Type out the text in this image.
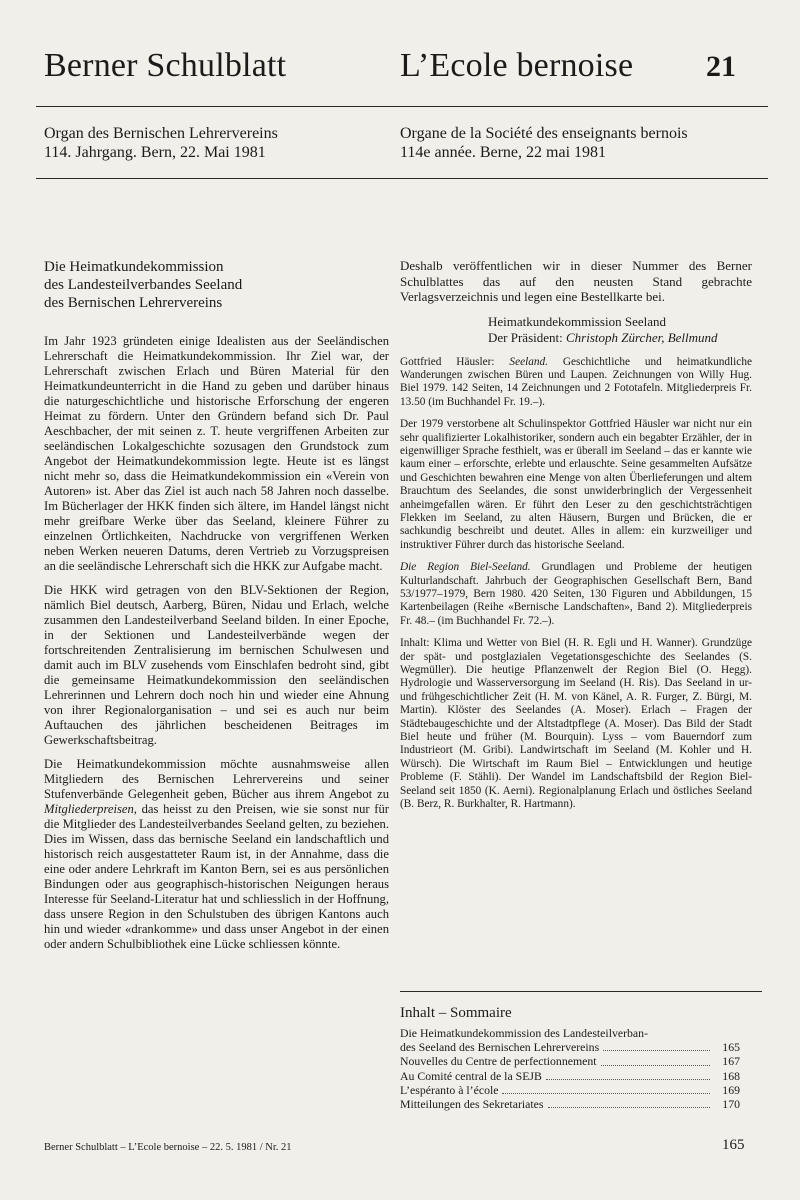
Berner Schulblatt	L’Ecole bernoise 21
Organ des Bernischen Lehrervereins
114. Jahrgang. Bern, 22. Mai 1981
Organe de la Société des enseignants bernois
114e année. Berne, 22 mai 1981
Die Heimatkundekommission
des Landesteilverbandes Seeland
des Bernischen Lehrervereins

Im Jahr 1923 gründeten einige Idealisten aus der Seeländischen Lehrerschaft die Heimatkundekommission. Ihr Ziel war, der Lehrerschaft zwischen Erlach und Büren Material für den Heimatkundeunterricht in die Hand zu geben und darüber hinaus die naturgeschichtliche und historische Erforschung der engeren Heimat zu fördern. Unter den Gründern befand sich Dr. Paul Aeschbacher, der mit seinen z. T. heute vergriffenen Arbeiten zur seeländischen Lokalgeschichte sozusagen den Grundstock zum Angebot der Heimatkundekommission legte. Heute ist es längst nicht mehr so, dass die Heimatkundekommission ein «Verein von Autoren» ist. Aber das Ziel ist auch nach 58 Jahren noch dasselbe. Im Bücherlager der HKK finden sich ältere, im Handel längst nicht mehr greifbare Werke über das Seeland, kleinere Führer zu einzelnen Örtlichkeiten, Nachdrucke von vergriffenen Werken neben Werken neueren Datums, deren Vertrieb zu Vorzugspreisen an die seeländische Lehrerschaft sich die HKK zur Aufgabe macht.

Die HKK wird getragen von den BLV-Sektionen der Region, nämlich Biel deutsch, Aarberg, Büren, Nidau und Erlach, welche zusammen den Landesteilverband Seeland bilden. In einer Epoche, in der Sektionen und Landesteilverbände wegen der fortschreitenden Zentralisierung im bernischen Schulwesen und damit auch im BLV zusehends vom Einschlafen bedroht sind, gibt die gemeinsame Heimatkundekommission den seeländischen Lehrerinnen und Lehrern doch noch hin und wieder eine Ahnung von ihrer Regionalorganisation – und sei es auch nur beim Auftauchen des jährlichen bescheidenen Beitrages im Gewerkschaftsbeitrag.

Die Heimatkundekommission möchte ausnahmsweise allen Mitgliedern des Bernischen Lehrervereins und seiner Stufenverbände Gelegenheit geben, Bücher aus ihrem Angebot zu Mitgliederpreisen, das heisst zu den Preisen, wie sie sonst nur für die Mitglieder des Landesteilverbandes Seeland gelten, zu beziehen. Dies im Wissen, dass das bernische Seeland ein landschaftlich und historisch reich ausgestatteter Raum ist, in der Annahme, dass die eine oder andere Lehrkraft im Kanton Bern, sei es aus persönlichen Bindungen oder aus geographisch-historischen Neigungen heraus Interesse für Seeland-Literatur hat und schliesslich in der Hoffnung, dass unsere Region in den Schulstuben des übrigen Kantons auch hin und wieder «drankomme» und dass unser Angebot in der einen oder andern Schulbibliothek eine Lücke schliessen könnte.

Deshalb veröffentlichen wir in dieser Nummer des Berner Schulblattes das auf den neusten Stand gebrachte Verlagsverzeichnis und legen eine Bestellkarte bei.

Heimatkundekommission Seeland
Der Präsident: Christoph Zürcher, Bellmund

Gottfried Häusler: Seeland. Geschichtliche und heimatkundliche Wanderungen zwischen Büren und Laupen. Zeichnungen von Willy Hug. Biel 1979. 142 Seiten, 14 Zeichnungen und 2 Fototafeln. Mitgliederpreis Fr. 13.50 (im Buchhandel Fr. 19.–).

Der 1979 verstorbene alt Schulinspektor Gottfried Häusler war nicht nur ein sehr qualifizierter Lokalhistoriker, sondern auch ein begabter Erzähler, der in eigenwilliger Sprache festhielt, was er überall im Seeland – das er kannte wie kaum einer – erforschte, erlebte und erlauschte. Seine gesammelten Aufsätze und Geschichten bewahren eine Menge von alten Überlieferungen und altem Brauchtum des Seelandes, die sonst unwiderbringlich der Vergessenheit anheimgefallen wären. Er führt den Leser zu den geschichtsträchtigen Flekken im Seeland, zu alten Häusern, Burgen und Brücken, die er sachkundig beschreibt und deutet. Alles in allem: ein kurzweiliger und instruktiver Führer durch das historische Seeland.

Die Region Biel-Seeland. Grundlagen und Probleme der heutigen Kulturlandschaft. Jahrbuch der Geographischen Gesellschaft Bern, Band 53/1977–1979, Bern 1980. 420 Seiten, 130 Figuren und Abbildungen, 15 Kartenbeilagen (Reihe «Bernische Landschaften», Band 2). Mitgliederpreis Fr. 48.– (im Buchhandel Fr. 72.–).

Inhalt: Klima und Wetter von Biel (H. R. Egli und H. Wanner). Grundzüge der spät- und postglazialen Vegetationsgeschichte des Seelandes (S. Wegmüller). Die heutige Pflanzenwelt der Region Biel (O. Hegg). Hydrologie und Wasserversorgung im Seeland (H. Ris). Das Seeland in ur- und frühgeschichtlicher Zeit (H. M. von Känel, A. R. Furger, Z. Bürgi, M. Martin). Klöster des Seelandes (A. Moser). Erlach – Fragen der Städtebaugeschichte und der Altstadtpflege (A. Moser). Das Bild der Stadt Biel heute und früher (M. Bourquin). Lyss – vom Bauerndorf zum Industrieort (M. Gribi). Landwirtschaft im Seeland (M. Kohler und H. Würsch). Die Wirtschaft im Raum Biel – Entwicklungen und heutige Probleme (F. Stähli). Der Wandel im Landschaftsbild der Region Biel-Seeland seit 1850 (K. Aerni). Regionalplanung Erlach und östliches Seeland (B. Berz, R. Burkhalter, R. Hartmann).

Inhalt – Sommaire
Die Heimatkundekommission des Landesteilverban-
des Seeland des Bernischen Lehrervereins	165
Nouvelles du Centre de perfectionnement	167
Au Comité central de la SEJB	168
L’espéranto à l’école	169
Mitteilungen des Sekretariates	170
Berner Schulblatt – L’Ecole bernoise – 22. 5. 1981 / Nr. 21	165
